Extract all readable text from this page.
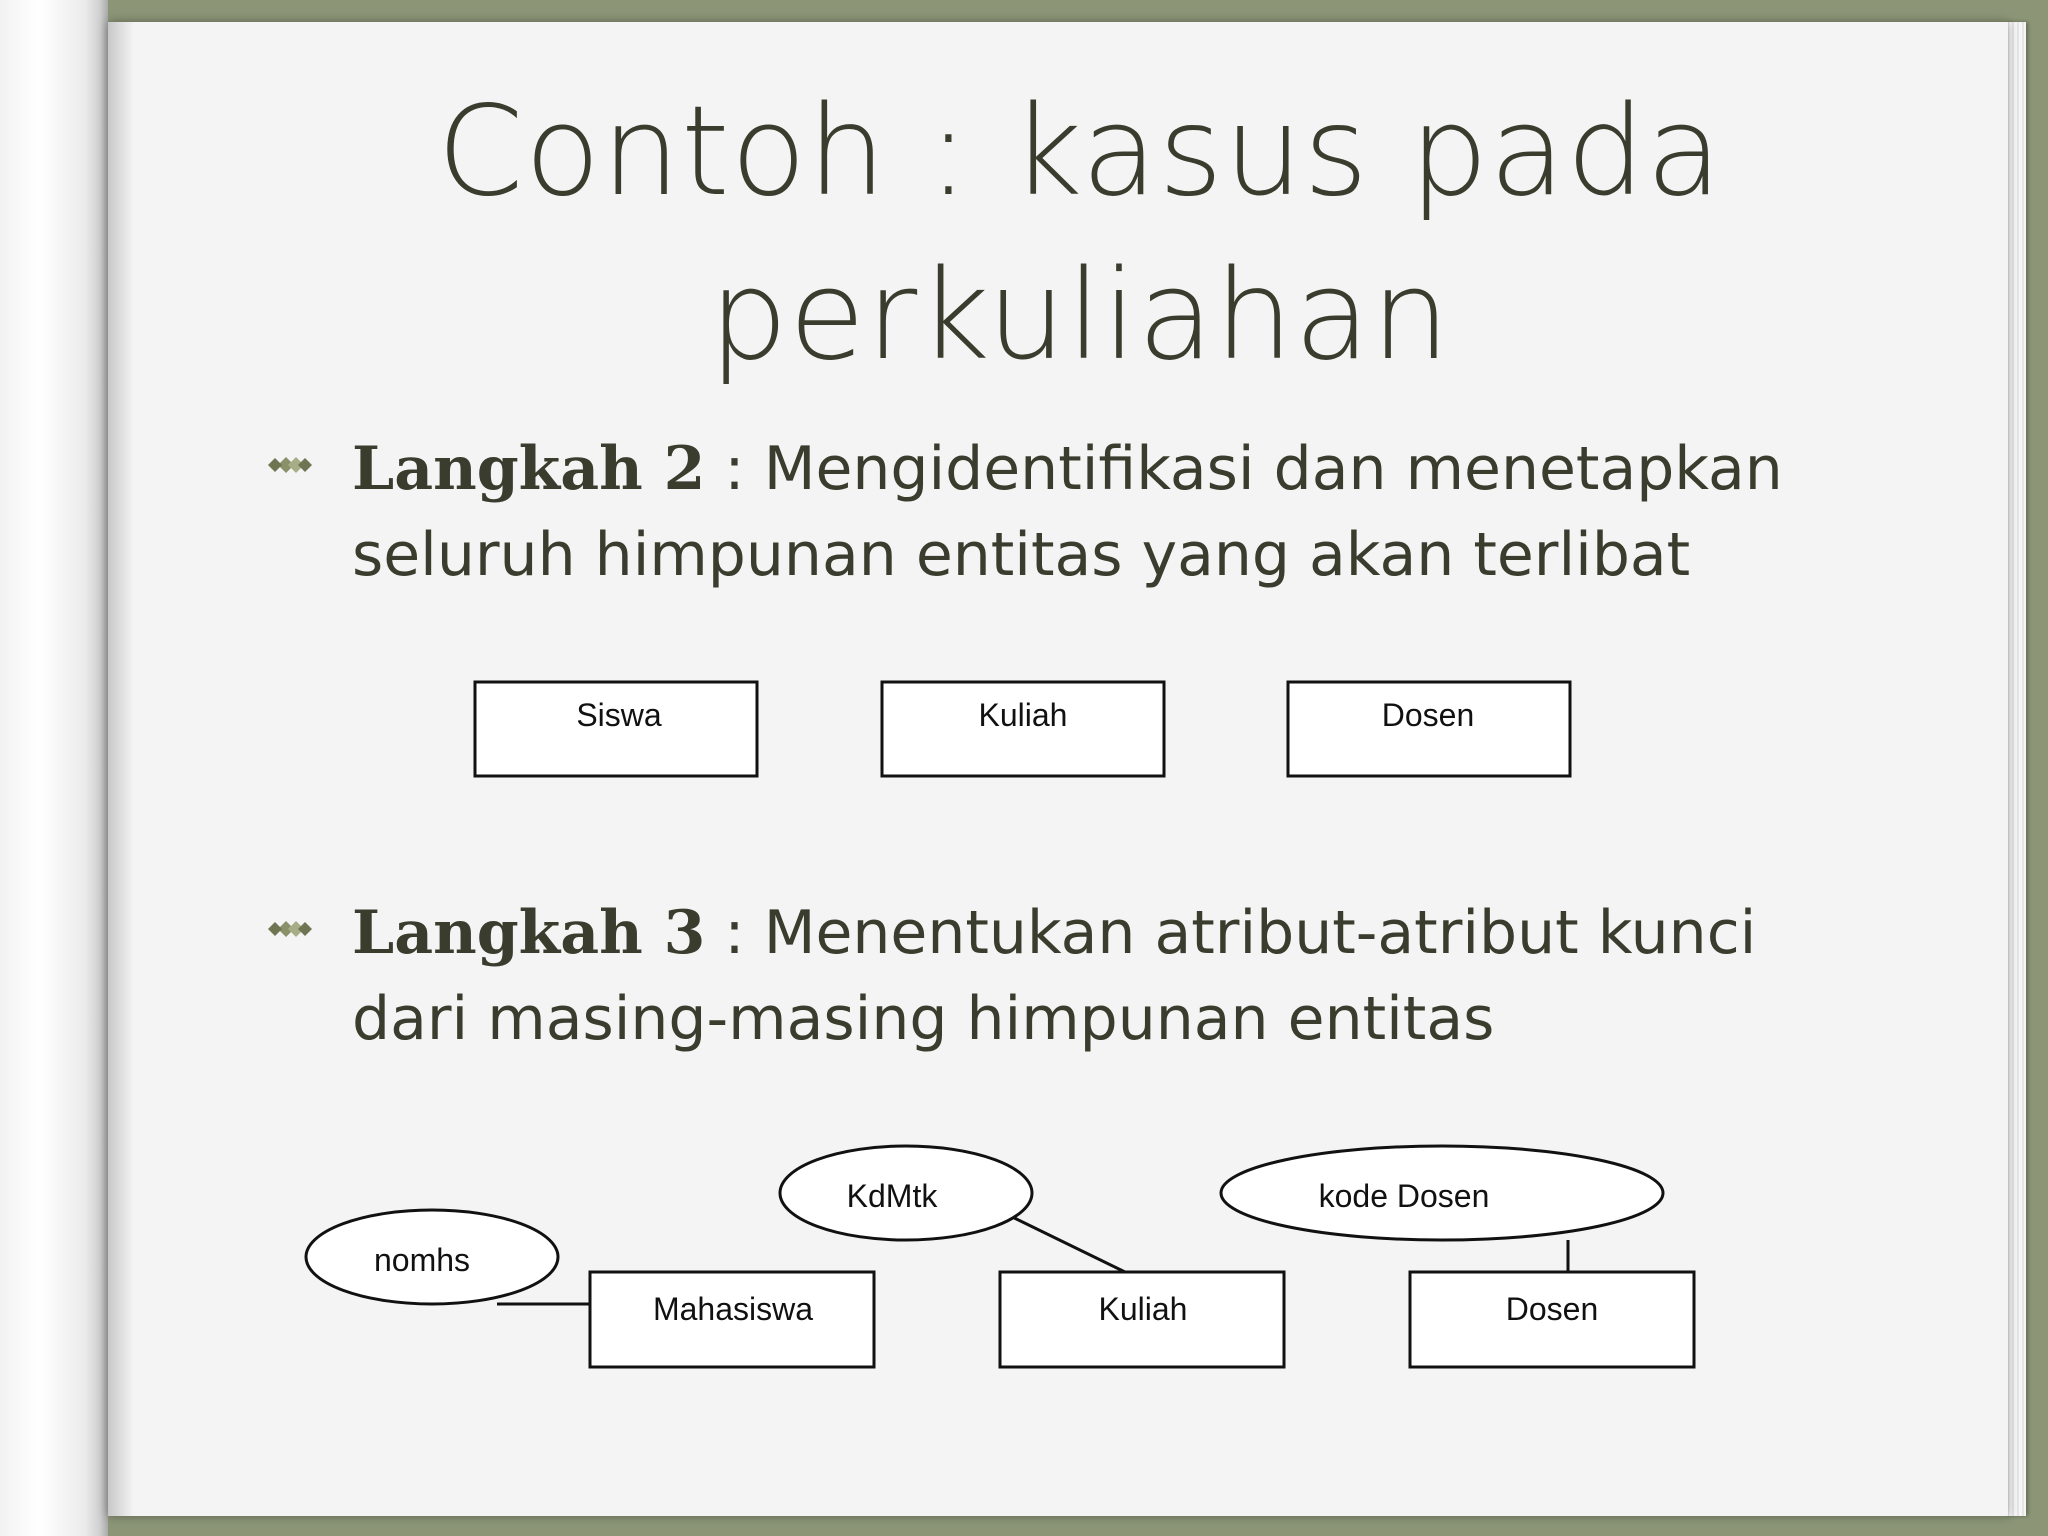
Contoh : kasus pada
perkuliahan
Langkah 2 : Mengidentifikasi dan menetapkan seluruh himpunan entitas yang akan terlibat
Langkah 3 : Menentukan atribut-atribut kunci dari masing-masing himpunan entitas
Siswa	Kuliah	Dosen
nomhs
KdMtk	kode Dosen
Mahasiswa	Kuliah	Dosen
